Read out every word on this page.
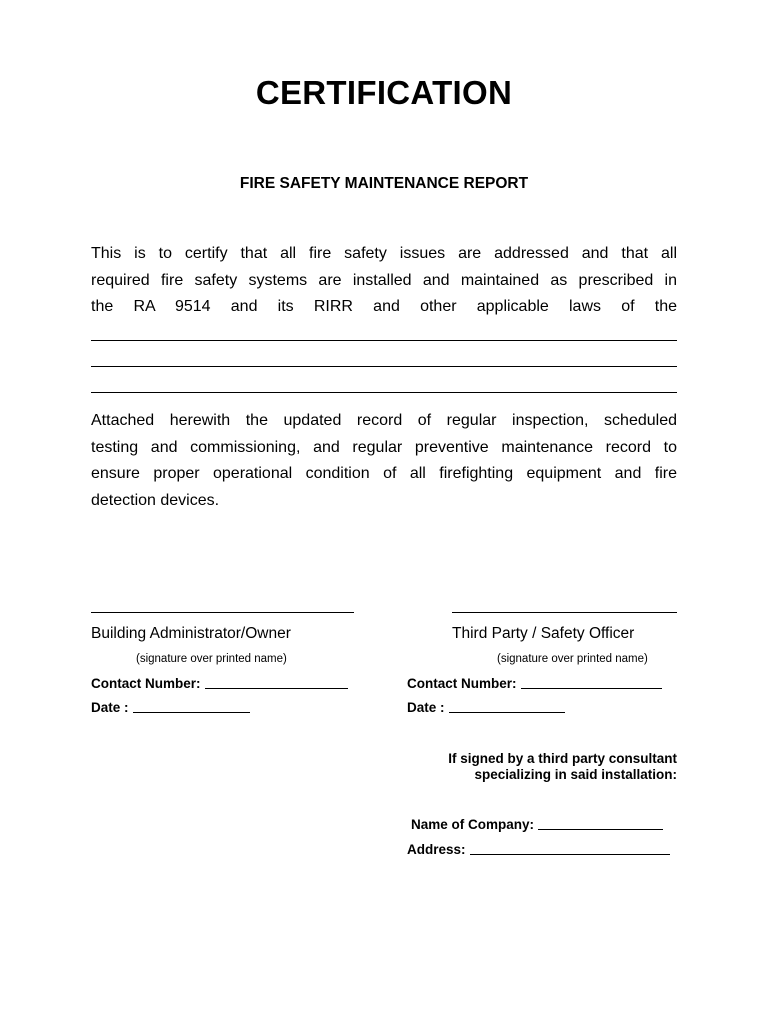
CERTIFICATION
FIRE SAFETY MAINTENANCE REPORT
This is to certify that all fire safety issues are addressed and that all
required fire safety systems are installed and maintained as prescribed in
the RA 9514 and its RIRR and other applicable laws of the
Attached herewith the updated record of regular inspection, scheduled
testing and commissioning, and regular preventive maintenance record to
ensure proper operational condition of all firefighting equipment and fire
detection devices.
Building Administrator/Owner
(signature over printed name)
Contact Number:
Date :
Third Party / Safety Officer
(signature over printed name)
Contact Number:
Date :
If signed by a third party consultant
specializing in said installation:
Name of Company:
Address:
